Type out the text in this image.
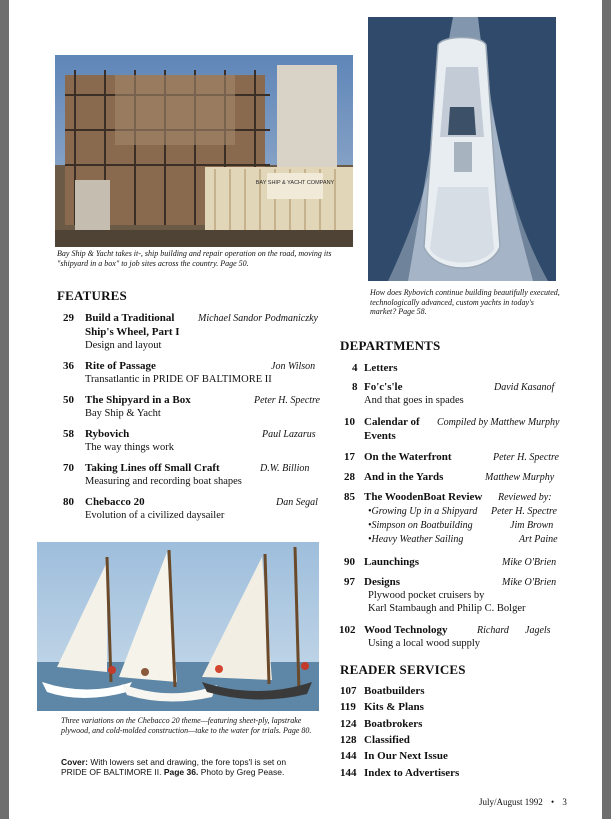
BAY SHIP & YACHT COMPANY
Bay Ship & Yacht takes it-, ship building and repair operation on the road, moving its "shipyard in a box" to job sites across the country. Page 50.
How does Rybovich continue building beautifully executed, technologically advanced, custom yachts in today's market? Page 58.
FEATURES
29 Build a Traditional Michael Sandor Podmaniczky
Ship's Wheel, Part I
Design and layout
36 Rite of Passage	Jon Wilson
Transatlantic in PRIDE OF BALTIMORE II
50 The Shipyard in a Box	Peter H. Spectre
Bay Ship & Yacht
58 Rybovich	Paul Lazarus
The way things work
70 Taking Lines off Small Craft	D.W. Billion
Measuring and recording boat shapes
80 Chebacco 20	Dan Segal
Evolution of a civilized daysailer
Three variations on the Chebacco 20 theme—featuring sheet-ply, lapstrake plywood, and cold-molded construction—take to the water for trials. Page 80.
Cover: With lowers set and drawing, the fore tops'l is set on
PRIDE OF BALTIMORE II. Page 36. Photo by Greg Pease.
DEPARTMENTS
4 Letters
8 Fo'c's'le	David Kasanof
And that goes in spades
10 Calendar of Compiled by Matthew Murphy
Events
17 On the Waterfront	Peter H. Spectre
28 And in the Yards	Matthew Murphy
85 The WoodenBoat Review Reviewed by:
•Growing Up in a Shipyard Peter H. Spectre
•Simpson on Boatbuilding	Jim Brown
•Heavy Weather Sailing	Art Paine
90 Launchings	Mike O'Brien
97 Designs	Mike O'Brien
Plywood pocket cruisers by
Karl Stambaugh and Philip C. Bolger
102 Wood Technology	Richard Jagels
Using a local wood supply
READER SERVICES
107 Boatbuilders
119 Kits & Plans
124 Boatbrokers
128 Classified
144 In Our Next Issue
144 Index to Advertisers
July/August 1992 • 3
